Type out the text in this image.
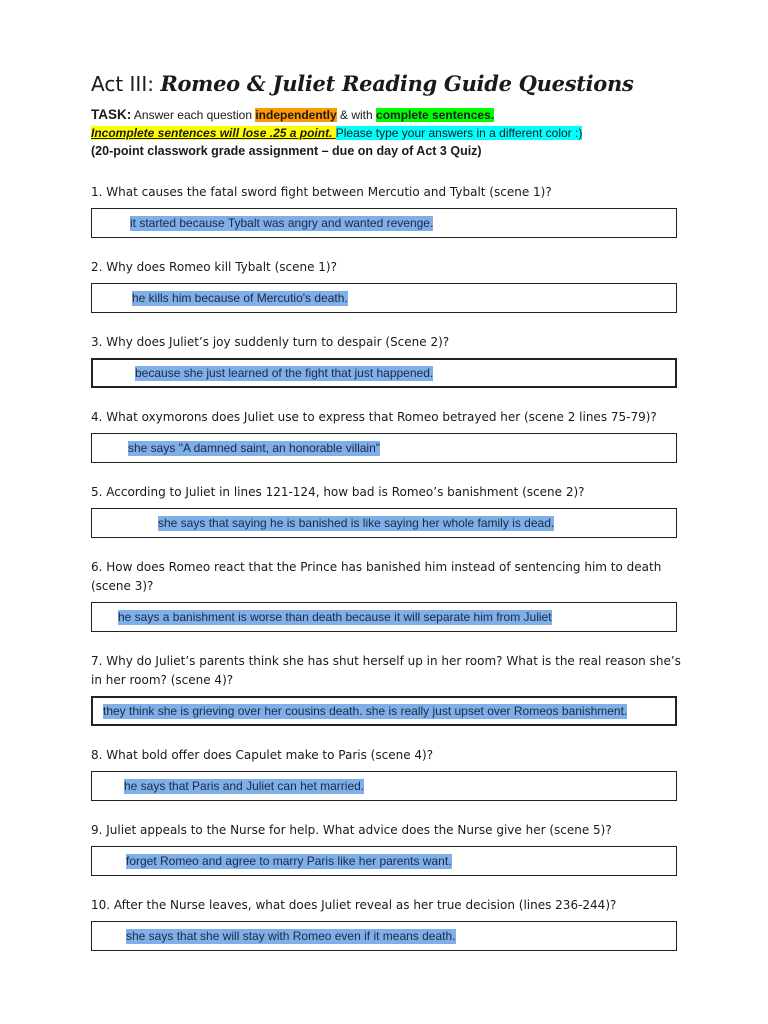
Act III: Romeo & Juliet Reading Guide Questions
TASK: Answer each question independently & with complete sentences.
Incomplete sentences will lose .25 a point. Please type your answers in a different color :)
(20-point classwork grade assignment – due on day of Act 3 Quiz)

1. What causes the fatal sword fight between Mercutio and Tybalt (scene 1)?

it started because Tybalt was angry and wanted revenge.

2. Why does Romeo kill Tybalt (scene 1)?

he kills him because of Mercutio's death.

3. Why does Juliet’s joy suddenly turn to despair (Scene 2)?

because she just learned of the fight that just happened.

4. What oxymorons does Juliet use to express that Romeo betrayed her (scene 2 lines 75-79)?

she says "A damned saint, an honorable villain"

5. According to Juliet in lines 121-124, how bad is Romeo’s banishment (scene 2)?

she says that saying he is banished is like saying her whole family is dead.

6. How does Romeo react that the Prince has banished him instead of sentencing him to death (scene 3)?

he says a banishment is worse than death because it will separate him from Juliet

7. Why do Juliet’s parents think she has shut herself up in her room? What is the real reason she’s in her room? (scene 4)?

they think she is grieving over her cousins death. she is really just upset over Romeos banishment.

8. What bold offer does Capulet make to Paris (scene 4)?

he says that Paris and Juliet can het married.

9. Juliet appeals to the Nurse for help. What advice does the Nurse give her (scene 5)?

forget Romeo and agree to marry Paris like her parents want.

10. After the Nurse leaves, what does Juliet reveal as her true decision (lines 236-244)?

she says that she will stay with Romeo even if it means death.
